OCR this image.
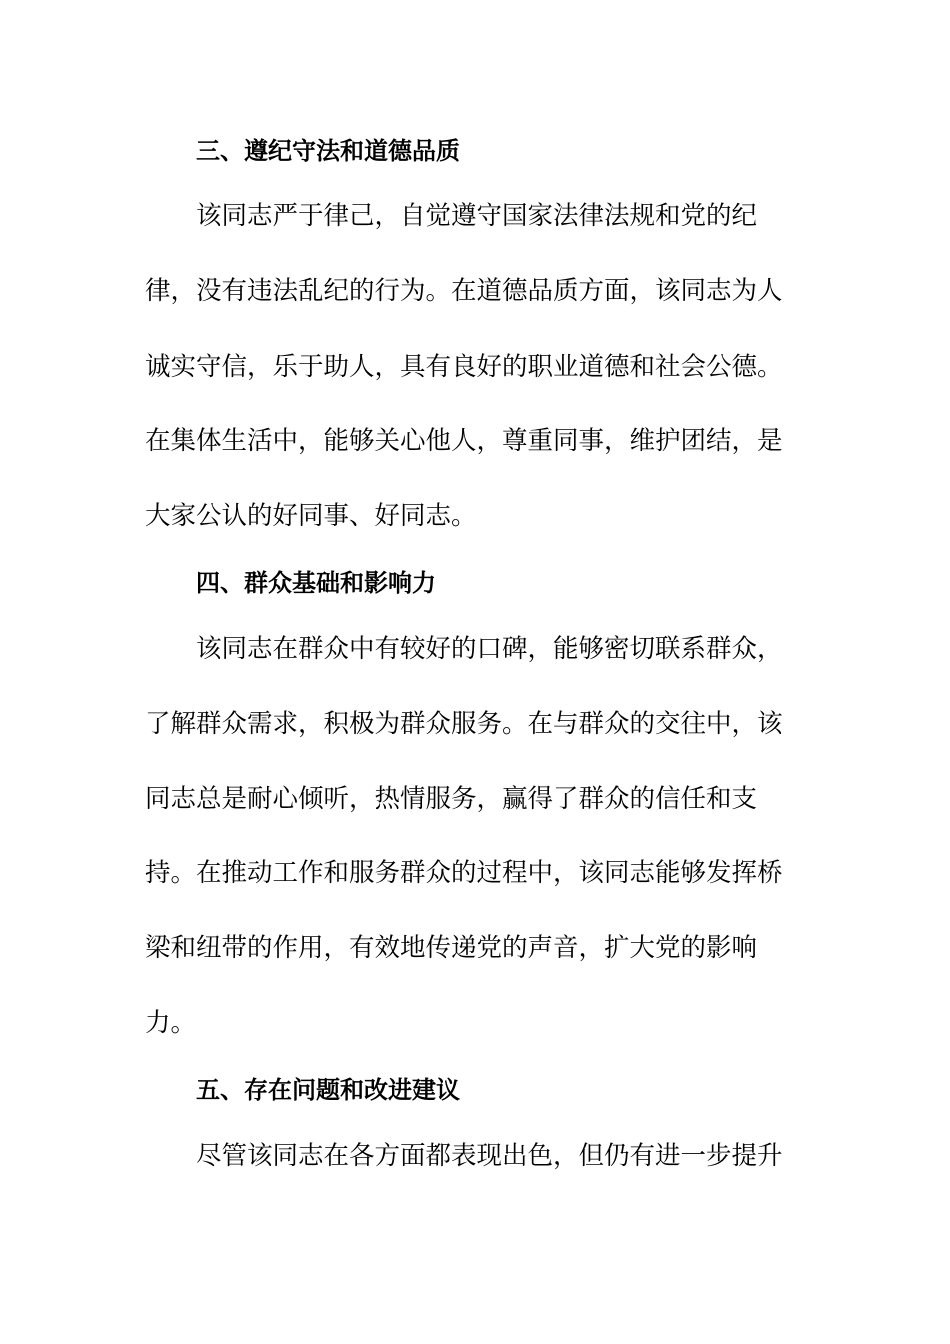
三、遵纪守法和道德品质
该同志严于律己，自觉遵守国家法律法规和党的纪
律，没有违法乱纪的行为。在道德品质方面，该同志为人
诚实守信，乐于助人，具有良好的职业道德和社会公德。
在集体生活中，能够关心他人，尊重同事，维护团结，是
大家公认的好同事、好同志。
四、群众基础和影响力
该同志在群众中有较好的口碑，能够密切联系群众，
了解群众需求，积极为群众服务。在与群众的交往中，该
同志总是耐心倾听，热情服务，赢得了群众的信任和支
持。在推动工作和服务群众的过程中，该同志能够发挥桥
梁和纽带的作用，有效地传递党的声音，扩大党的影响
力。
五、存在问题和改进建议
尽管该同志在各方面都表现出色，但仍有进一步提升
